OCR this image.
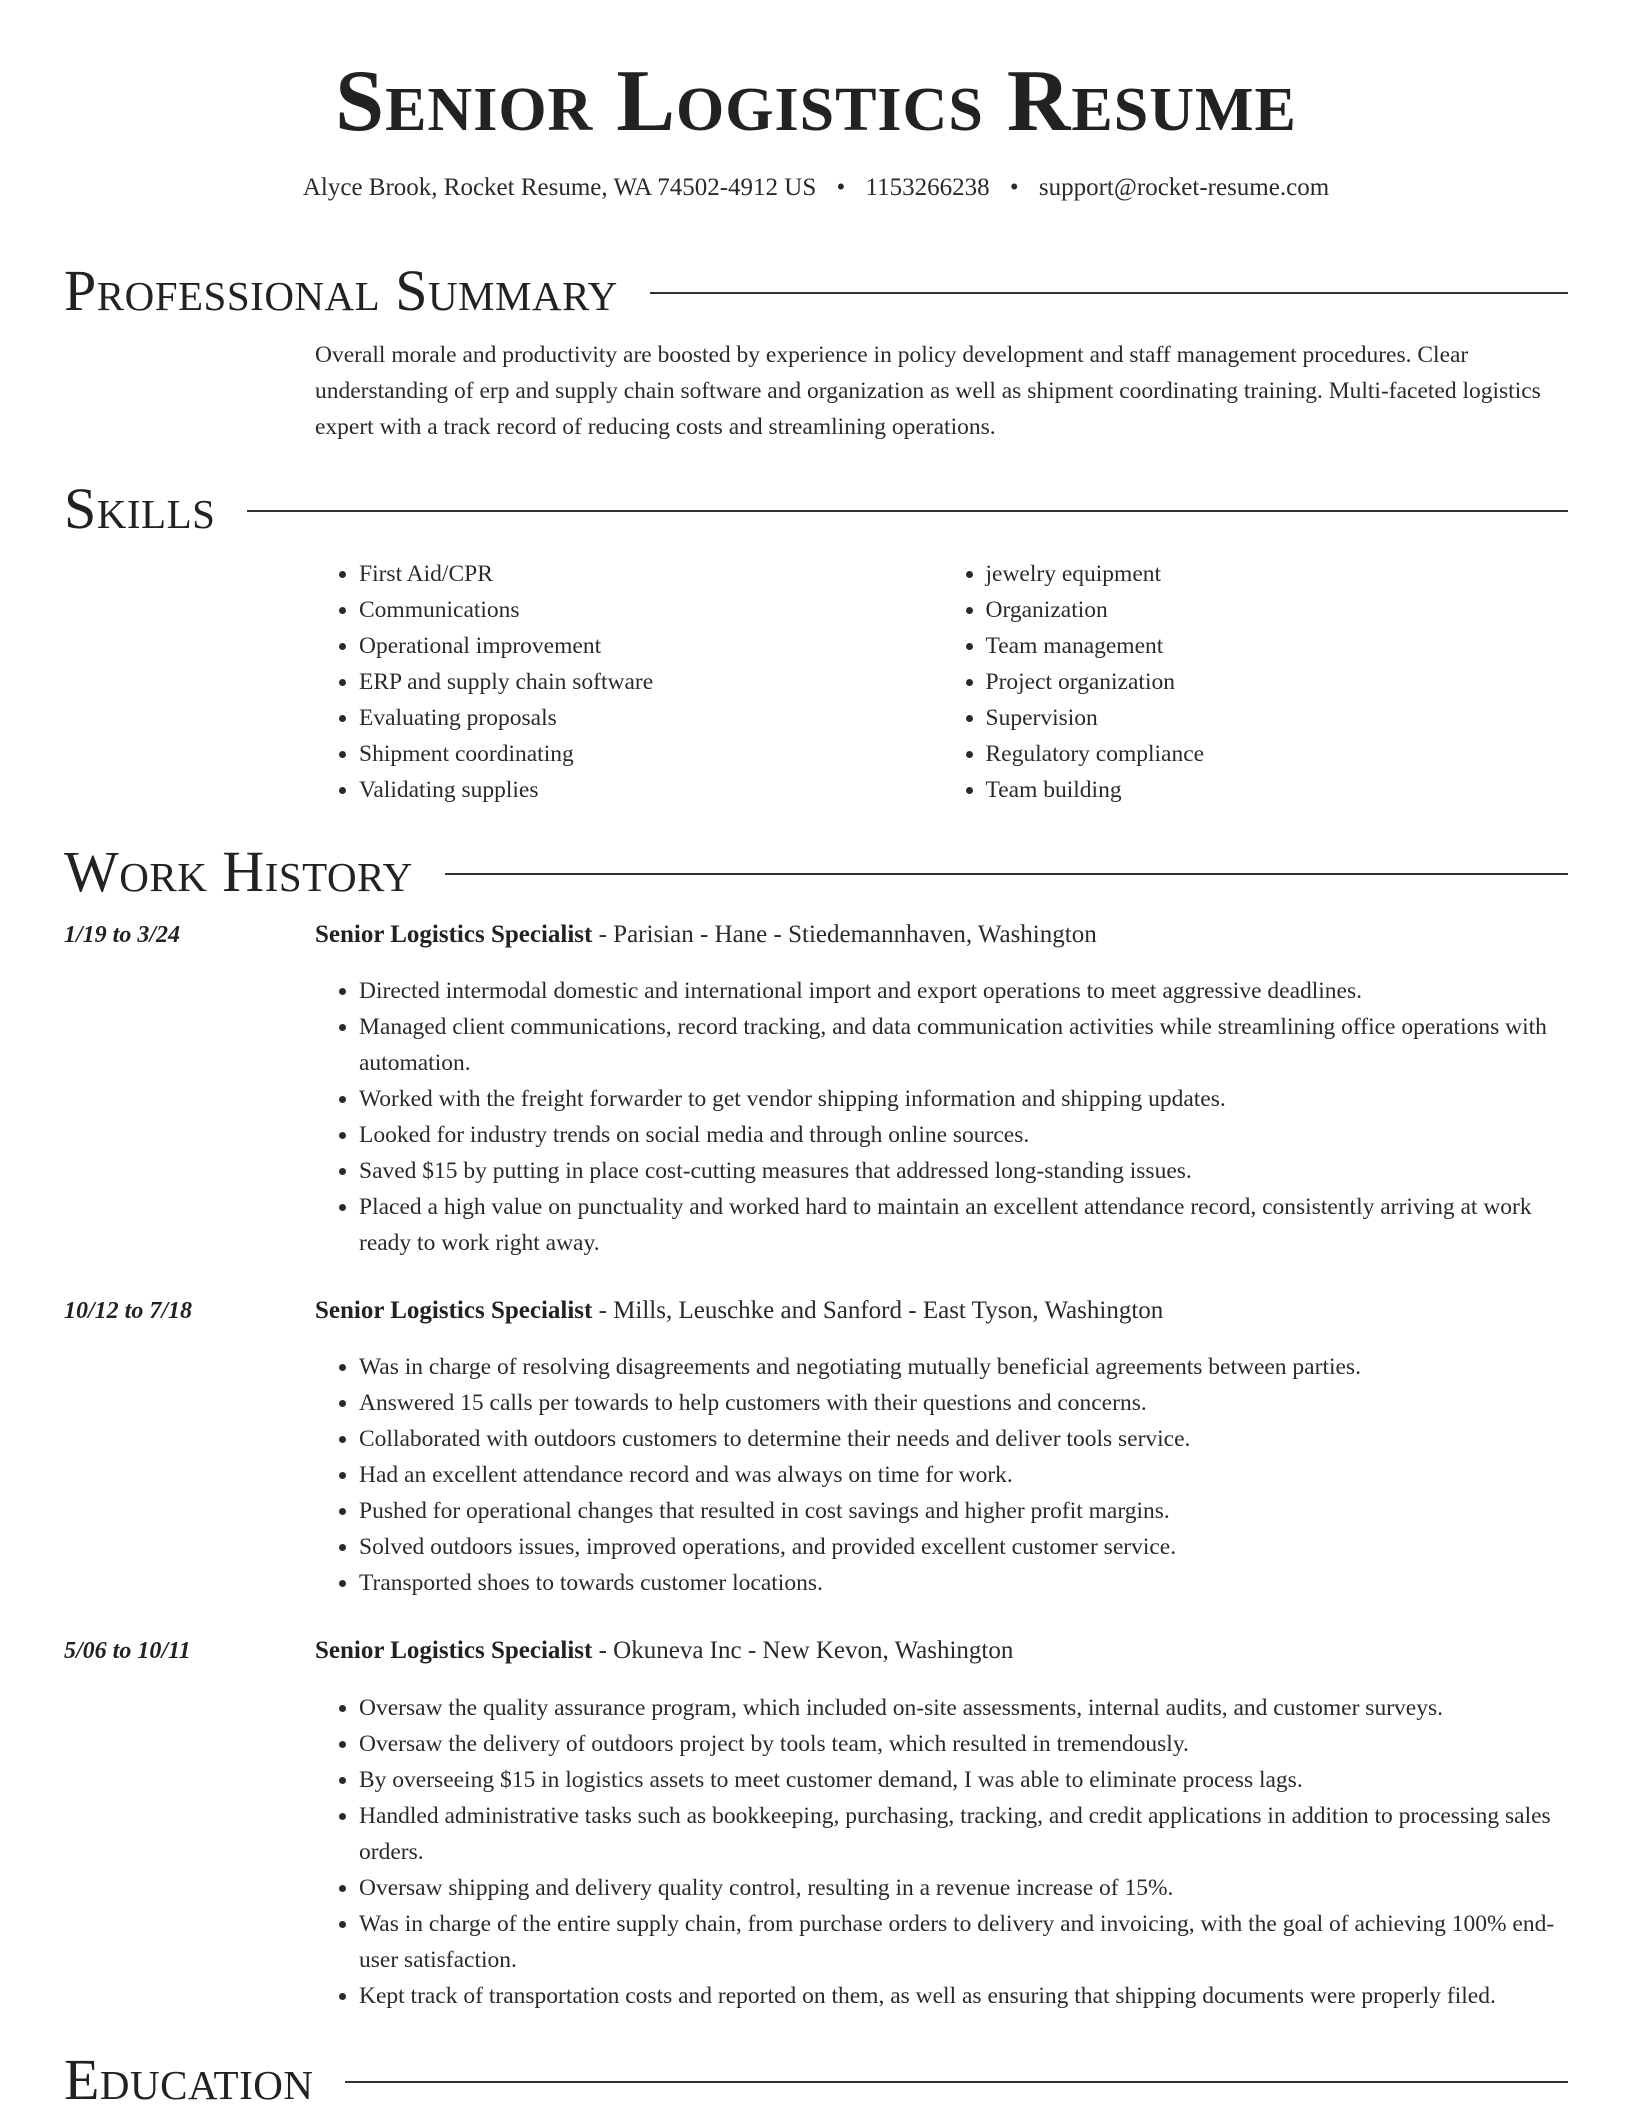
Senior Logistics Resume
Alyce Brook, Rocket Resume, WA 74502-4912 US • 1153266238 • support@rocket-resume.com
Professional Summary
Overall morale and productivity are boosted by experience in policy development and staff management procedures. Clear understanding of erp and supply chain software and organization as well as shipment coordinating training. Multi-faceted logistics expert with a track record of reducing costs and streamlining operations.
Skills
• First Aid/CPR
• Communications
• Operational improvement
• ERP and supply chain software
• Evaluating proposals
• Shipment coordinating
• Validating supplies
• jewelry equipment
• Organization
• Team management
• Project organization
• Supervision
• Regulatory compliance
• Team building
Work History
1/19 to 3/24	Senior Logistics Specialist - Parisian - Hane - Stiedemannhaven, Washington
• Directed intermodal domestic and international import and export operations to meet aggressive deadlines.
• Managed client communications, record tracking, and data communication activities while streamlining office operations with automation.
• Worked with the freight forwarder to get vendor shipping information and shipping updates.
• Looked for industry trends on social media and through online sources.
• Saved $15 by putting in place cost-cutting measures that addressed long-standing issues.
• Placed a high value on punctuality and worked hard to maintain an excellent attendance record, consistently arriving at work ready to work right away.
10/12 to 7/18	Senior Logistics Specialist - Mills, Leuschke and Sanford - East Tyson, Washington
• Was in charge of resolving disagreements and negotiating mutually beneficial agreements between parties.
• Answered 15 calls per towards to help customers with their questions and concerns.
• Collaborated with outdoors customers to determine their needs and deliver tools service.
• Had an excellent attendance record and was always on time for work.
• Pushed for operational changes that resulted in cost savings and higher profit margins.
• Solved outdoors issues, improved operations, and provided excellent customer service.
• Transported shoes to towards customer locations.
5/06 to 10/11	Senior Logistics Specialist - Okuneva Inc - New Kevon, Washington
• Oversaw the quality assurance program, which included on-site assessments, internal audits, and customer surveys.
• Oversaw the delivery of outdoors project by tools team, which resulted in tremendously.
• By overseeing $15 in logistics assets to meet customer demand, I was able to eliminate process lags.
• Handled administrative tasks such as bookkeeping, purchasing, tracking, and credit applications in addition to processing sales orders.
• Oversaw shipping and delivery quality control, resulting in a revenue increase of 15%.
• Was in charge of the entire supply chain, from purchase orders to delivery and invoicing, with the goal of achieving 100% end-user satisfaction.
• Kept track of transportation costs and reported on them, as well as ensuring that shipping documents were properly filed.
Education
